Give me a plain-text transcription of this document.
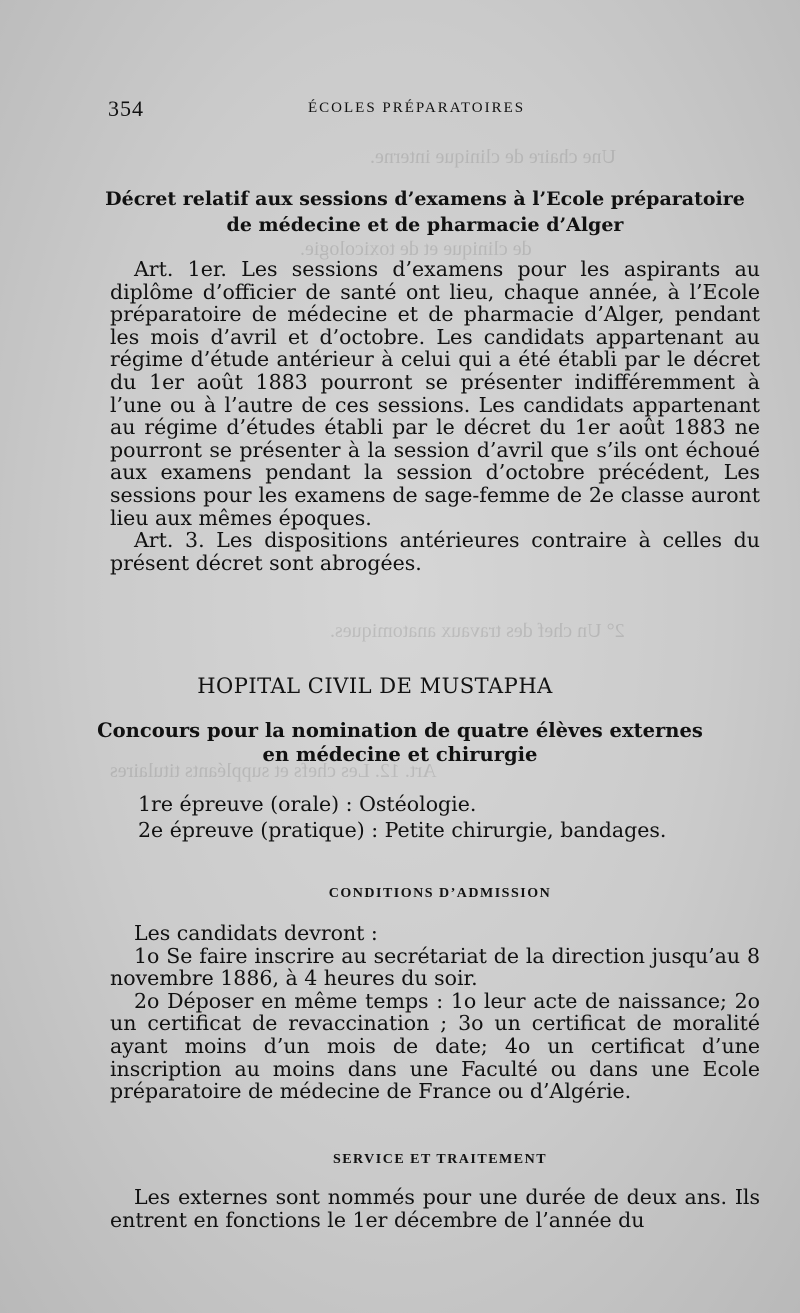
Une chaire de clinique interne.
de clinique et de toxicologie.
2° Un chef des travaux anatomiques.
Art. 12. Les chefs et suppléants titulaires
354	ÉCOLES PRÉPARATOIRES
Décret relatif aux sessions d’examens à l’Ecole préparatoire
de médecine et de pharmacie d’Alger

Art. 1er. Les sessions d’examens pour les aspirants au diplôme d’officier de santé ont lieu, chaque année, à l’Ecole préparatoire de médecine et de pharmacie d’Alger, pendant les mois d’avril et d’octobre. Les candidats appartenant au régime d’étude antérieur à celui qui a été établi par le décret du 1er août 1883 pourront se présenter indifféremment à l’une ou à l’autre de ces sessions. Les candidats appartenant au régime d’études établi par le décret du 1er août 1883 ne pourront se présenter à la session d’avril que s’ils ont échoué aux examens pendant la session d’octobre précédent, Les sessions pour les examens de sage-femme de 2e classe auront lieu aux mêmes époques.

Art. 3. Les dispositions antérieures contraire à celles du présent décret sont abrogées.

HOPITAL CIVIL DE MUSTAPHA
Concours pour la nomination de quatre élèves externes
en médecine et chirurgie
1re épreuve (orale) : Ostéologie.
2e épreuve (pratique) : Petite chirurgie, bandages.
CONDITIONS D’ADMISSION

Les candidats devront :

1o Se faire inscrire au secrétariat de la direction jusqu’au 8 novembre 1886, à 4 heures du soir.

2o Déposer en même temps : 1o leur acte de naissance; 2o un certificat de revaccination ; 3o un certificat de moralité ayant moins d’un mois de date; 4o un certificat d’une inscription au moins dans une Faculté ou dans une Ecole préparatoire de médecine de France ou d’Algérie.

SERVICE ET TRAITEMENT

Les externes sont nommés pour une durée de deux ans. Ils entrent en fonctions le 1er décembre de l’année du
